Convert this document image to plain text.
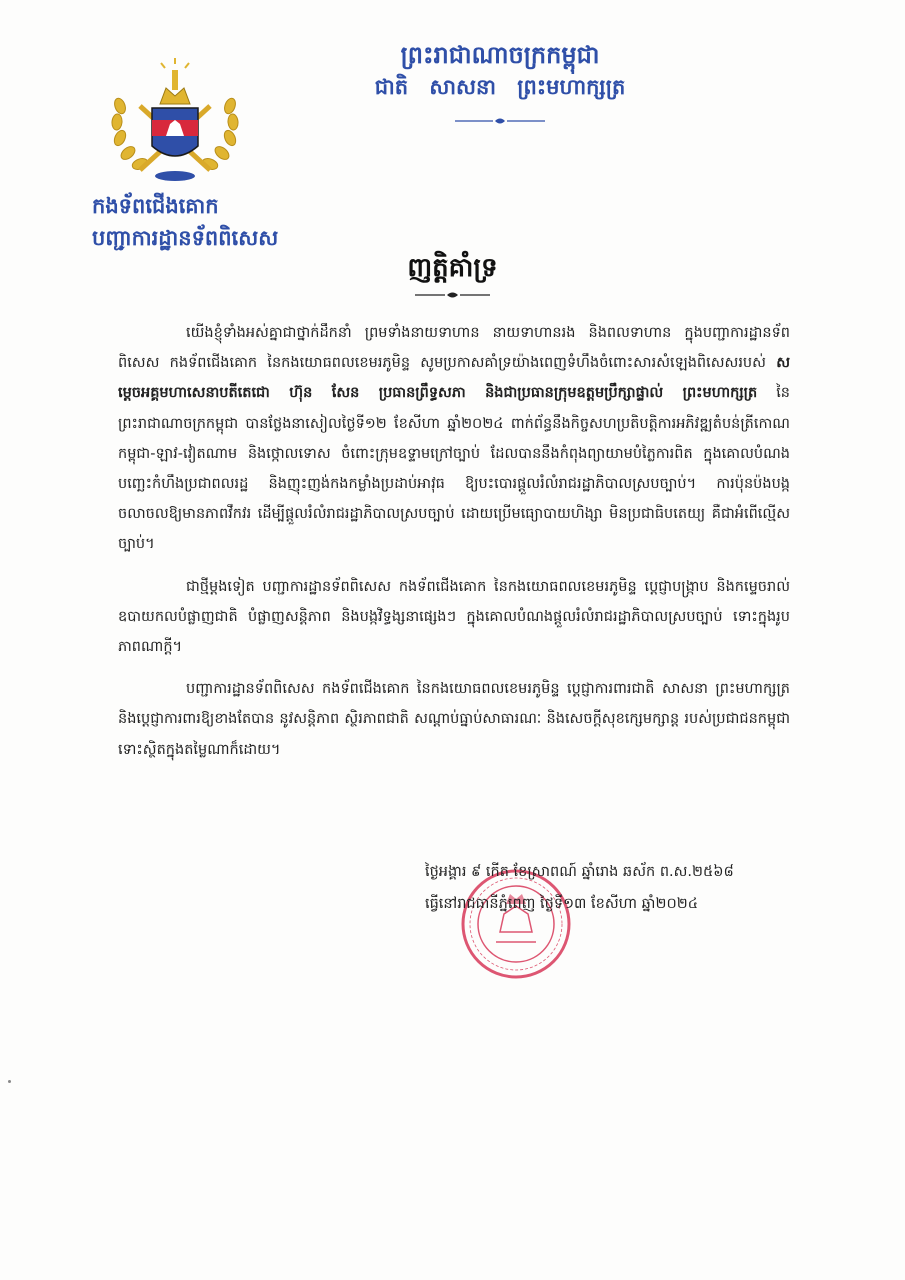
កងទ័ពជើងគោក
បញ្ជាការដ្ឋានទ័ពពិសេស
ព្រះរាជាណាចក្រកម្ពុជា
ជាតិ សាសនា ព្រះមហាក្សត្រ
ញត្តិគាំទ្រ

យើងខ្ញុំទាំងអស់គ្នាជាថ្នាក់ដឹកនាំ ព្រមទាំងនាយទាហាន នាយទាហានរង និងពលទាហាន ក្នុងបញ្ជាការដ្ឋានទ័ពពិសេស កងទ័ពជើងគោក នៃកងយោធពលខេមរភូមិន្ទ សូមប្រកាសគាំទ្រយ៉ាងពេញទំហឹងចំពោះសារសំឡេងពិសេសរបស់ សម្តេចអគ្គមហាសេនាបតីតេជោ ហ៊ុន សែន ប្រធានព្រឹទ្ធសភា និងជាប្រធានក្រុមឧត្តមប្រឹក្សាផ្ទាល់ ព្រះមហាក្សត្រ នៃព្រះរាជាណាចក្រកម្ពុជា បានថ្លែងនាសៀលថ្ងៃទី១២ ខែសីហា ឆ្នាំ២០២៤ ពាក់ព័ន្ធនឹងកិច្ចសហប្រតិបត្តិការអភិវឌ្ឍតំបន់ត្រីកោណ កម្ពុជា-ឡាវ-វៀតណាម និងថ្កោលទោស ចំពោះក្រុមឧទ្ទាមក្រៅច្បាប់ ដែលបាននឹងកំពុងព្យាយាមបំភ្លៃការពិត ក្នុងគោលបំណងបញ្ឆេះកំហឹងប្រជាពលរដ្ឋ និងញុះញង់កងកម្លាំងប្រដាប់អាវុធ ឱ្យបះបោរផ្តួលរំលំរាជរដ្ឋាភិបាលស្របច្បាប់។ ការប៉ុនប៉ងបង្កចលាចលឱ្យមានភាពវឹកវរ ដើម្បីផ្តួលរំលំរាជរដ្ឋាភិបាលស្របច្បាប់ ដោយប្រើមធ្យោបាយហិង្សា មិនប្រជាធិបតេយ្យ គឺជាអំពើល្មើសច្បាប់។

ជាថ្មីម្តងទៀត បញ្ជាការដ្ឋានទ័ពពិសេស កងទ័ពជើងគោក នៃកងយោធពលខេមរភូមិន្ទ ប្តេជ្ញាបង្ក្រាប និងកម្ទេចរាល់ឧបាយកលបំផ្លាញជាតិ បំផ្លាញសន្តិភាព និងបង្កវិទ្ធង្សនាផ្សេងៗ ក្នុងគោលបំណងផ្តួលរំលំរាជរដ្ឋាភិបាលស្របច្បាប់ ទោះក្នុងរូបភាពណាក្តី។

បញ្ជាការដ្ឋានទ័ពពិសេស កងទ័ពជើងគោក នៃកងយោធពលខេមរភូមិន្ទ ប្តេជ្ញាការពារជាតិ សាសនា ព្រះមហាក្សត្រ និងប្តេជ្ញាការពារឱ្យខាងតែបាន នូវសន្តិភាព ស្ថិរភាពជាតិ សណ្តាប់ធ្នាប់សាធារណៈ និងសេចក្តីសុខក្សេមក្សាន្ត របស់ប្រជាជនកម្ពុជា ទោះស្ថិតក្នុងតម្លៃណាក៏ដោយ។

ថ្ងៃអង្គារ ៩ កើត ខែស្រាពណ៍ ឆ្នាំរោង ឆស័ក ព.ស.២៥៦៨
ធ្វើនៅរាជធានីភ្នំពេញ ថ្ងៃទី១៣ ខែសីហា ឆ្នាំ២០២៤
